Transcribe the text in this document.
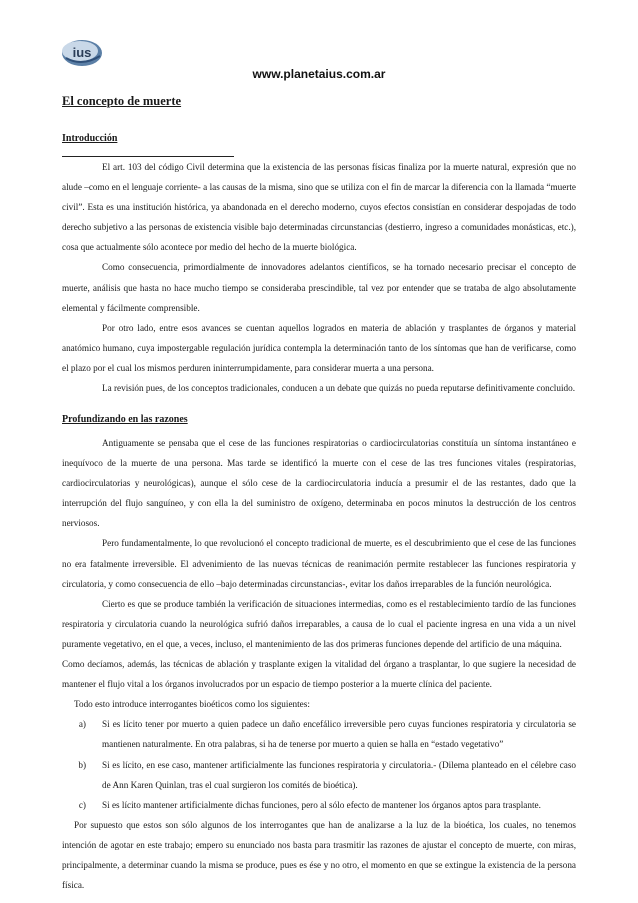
ius
www.planetaius.com.ar
El concepto de muerte
Introducción

El art. 103 del código Civil determina que la existencia de las personas físicas finaliza por la muerte natural, expresión que no alude –como en el lenguaje corriente- a las causas de la misma, sino que se utiliza con el fin de marcar la diferencia con la llamada “muerte civil”. Esta es una institución histórica, ya abandonada en el derecho moderno, cuyos efectos consistían en considerar despojadas de todo derecho subjetivo a las personas de existencia visible bajo determinadas circunstancias (destierro, ingreso a comunidades monásticas, etc.), cosa que actualmente sólo acontece por medio del hecho de la muerte biológica.

Como consecuencia, primordialmente de innovadores adelantos científicos, se ha tornado necesario precisar el concepto de muerte, análisis que hasta no hace mucho tiempo se consideraba prescindible, tal vez por entender que se trataba de algo absolutamente elemental y fácilmente comprensible.

Por otro lado, entre esos avances se cuentan aquellos logrados en materia de ablación y trasplantes de órganos y material anatómico humano, cuya impostergable regulación jurídica contempla la determinación tanto de los síntomas que han de verificarse, como el plazo por el cual los mismos perduren ininterrumpidamente, para considerar muerta a una persona.

La revisión pues, de los conceptos tradicionales, conducen a un debate que quizás no pueda reputarse definitivamente concluido.

Profundizando en las razones

Antiguamente se pensaba que el cese de las funciones respiratorias o cardiocirculatorias constituía un síntoma instantáneo e inequívoco de la muerte de una persona. Mas tarde se identificó la muerte con el cese de las tres funciones vitales (respiratorias, cardiocirculatorias y neurológicas), aunque el sólo cese de la cardiocirculatoria inducía a presumir el de las restantes, dado que la interrupción del flujo sanguíneo, y con ella la del suministro de oxígeno, determinaba en pocos minutos la destrucción de los centros nerviosos.

Pero fundamentalmente, lo que revolucionó el concepto tradicional de muerte, es el descubrimiento que el cese de las funciones no era fatalmente irreversible. El advenimiento de las nuevas técnicas de reanimación permite restablecer las funciones respiratoria y circulatoria, y como consecuencia de ello –bajo determinadas circunstancias-, evitar los daños irreparables de la función neurológica.

Cierto es que se produce también la verificación de situaciones intermedias, como es el restablecimiento tardío de las funciones respiratoria y circulatoria cuando la neurológica sufrió daños irreparables, a causa de lo cual el paciente ingresa en una vida a un nivel puramente vegetativo, en el que, a veces, incluso, el mantenimiento de las dos primeras funciones depende del artificio de una máquina.

Como decíamos, además, las técnicas de ablación y trasplante exigen la vitalidad del órgano a trasplantar, lo que sugiere la necesidad de mantener el flujo vital a los órganos involucrados por un espacio de tiempo posterior a la muerte clínica del paciente.

Todo esto introduce interrogantes bioéticos como los siguientes:

a) Si es lícito tener por muerto a quien padece un daño encefálico irreversible pero cuyas funciones respiratoria y circulatoria se mantienen naturalmente. En otra palabras, si ha de tenerse por muerto a quien se halla en “estado vegetativo”
b) Si es lícito, en ese caso, mantener artificialmente las funciones respiratoria y circulatoria.- (Dilema planteado en el célebre caso de Ann Karen Quinlan, tras el cual surgieron los comités de bioética).
c) Si es lícito mantener artificialmente dichas funciones, pero al sólo efecto de mantener los órganos aptos para trasplante.

Por supuesto que estos son sólo algunos de los interrogantes que han de analizarse a la luz de la bioética, los cuales, no tenemos intención de agotar en este trabajo; empero su enunciado nos basta para trasmitir las razones de ajustar el concepto de muerte, con miras, principalmente, a determinar cuando la misma se produce, pues es ése y no otro, el momento en que se extingue la existencia de la persona física.
